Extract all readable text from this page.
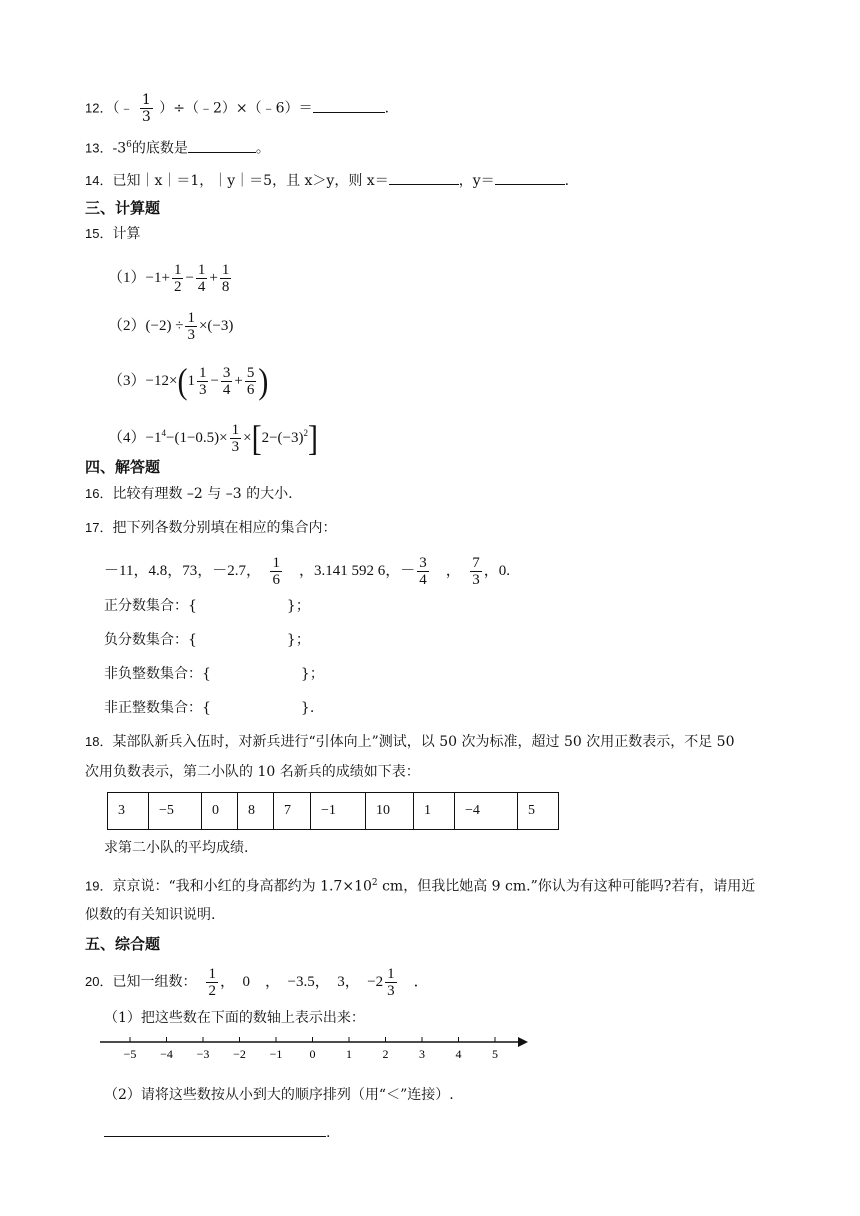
12．（﹣ $\frac{1}{3}$ ）÷（﹣2）×（﹣6）＝	.
13．$-3^6$的底数是	。
14．已知｜x｜＝1，｜y｜＝5，且 x＞y，则 x＝	，y＝	.
三、计算题
15．计算
$(1)-1+ \frac{1}{2} - \frac{1}{4} + \frac{1}{8}$
$(2)(-2) \div \frac{1}{3} \times(-3)$
$(3)-12\times(1 \frac{1}{3} - \frac{3}{4} + \frac{5}{6}$ )
$(4)-1^4-(1-0.5)\times \frac{1}{3} \times[2-(-3)^2]$
四、解答题
16．比较有理数 –2 与 –3 的大小.
17．把下列各数分别填在相应的集合内：
－11，4.8，73，－2.7，　 $\frac{1}{6}$
　 ，3.141 592 6，－ $\frac{3}{4}$
　 ，　 $\frac{7}{3}$ ，0.
正分数集合：{	}；
负分数集合：{	}；
非负整数集合：{	}；
非正整数集合：{	}.
18．某部队新兵入伍时，对新兵进行“引体向上”测试，以 50 次为标准，超过 50 次用正数表示，不足 50
次用负数表示，第二小队的 10 名新兵的成绩如下表：
3	−5	0	8	7	−1	10	1	−4	5
求第二小队的平均成绩.
19．京京说：“我和小红的身高都约为 $1.7\times 10^2$ cm，但我比她高 9 cm.”你认为有这种可能吗?若有，请用近
似数的有关知识说明.
五、综合题
20．已知一组数：　 $\frac{1}{2}$ ，　0　，　−3.5，　3，　$-2 \frac{1}{3}$
　 ．
（1）把这些数在下面的数轴上表示出来：
−5 −4 −3 −2 −1 0	1	2	3	4	5
（2）请将这些数按从小到大的顺序排列（用“＜”连接）.
.
